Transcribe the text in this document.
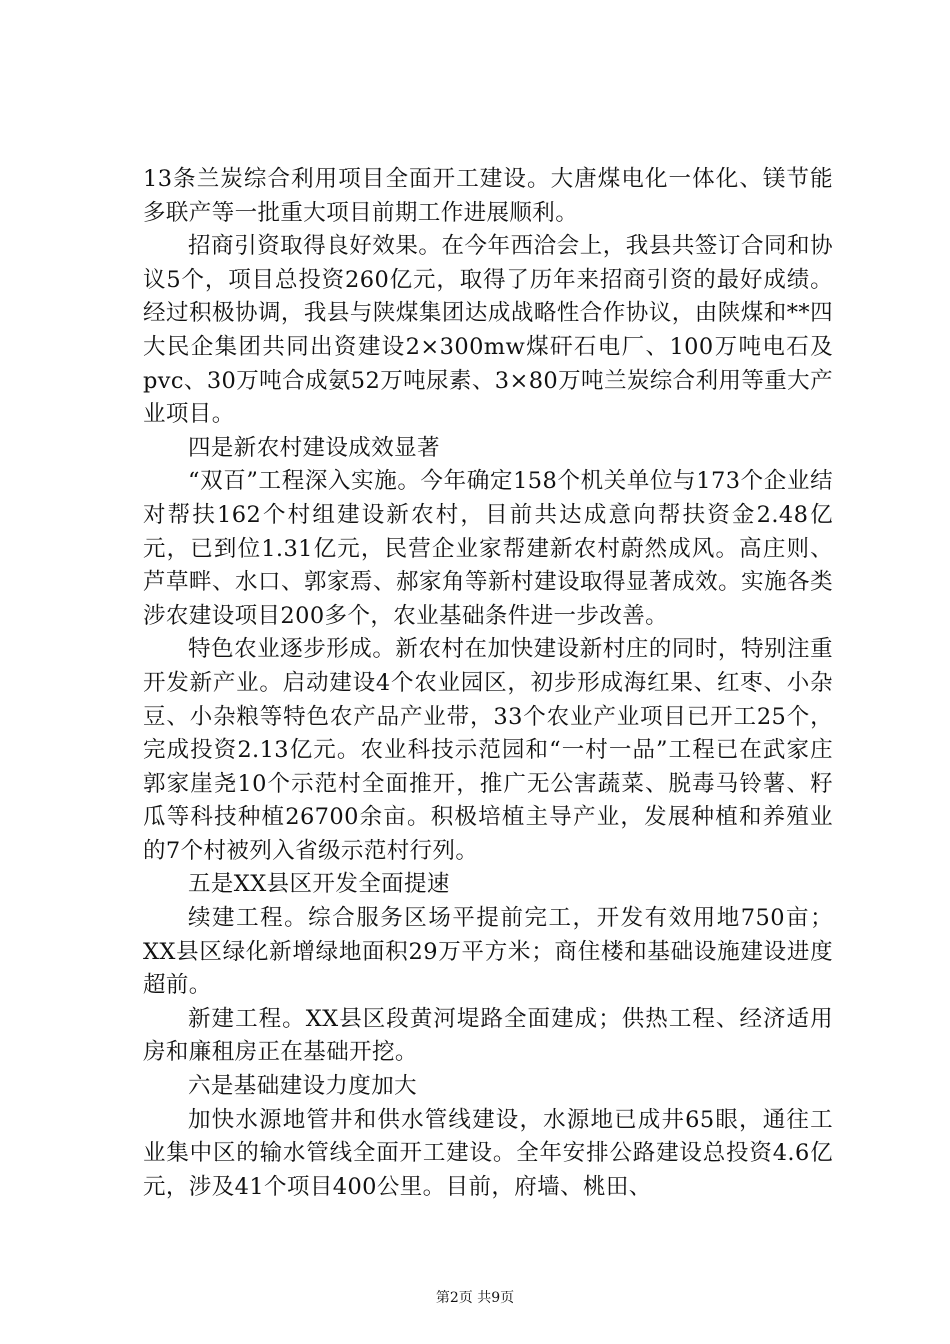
13条兰炭综合利用项目全面开工建设。大唐煤电化一体化、镁节能多联产等一批重大项目前期工作进展顺利。

招商引资取得良好效果。在今年西洽会上，我县共签订合同和协议5个，项目总投资260亿元，取得了历年来招商引资的最好成绩。经过积极协调，我县与陕煤集团达成战略性合作协议，由陕煤和**四大民企集团共同出资建设2×300mw煤矸石电厂、100万吨电石及pvc、30万吨合成氨52万吨尿素、3×80万吨兰炭综合利用等重大产业项目。

四是新农村建设成效显著

“双百”工程深入实施。今年确定158个机关单位与173个企业结对帮扶162个村组建设新农村，目前共达成意向帮扶资金2.48亿元，已到位1.31亿元，民营企业家帮建新农村蔚然成风。高庄则、芦草畔、水口、郭家焉、郝家角等新村建设取得显著成效。实施各类涉农建设项目200多个，农业基础条件进一步改善。

特色农业逐步形成。新农村在加快建设新村庄的同时，特别注重开发新产业。启动建设4个农业园区，初步形成海红果、红枣、小杂豆、小杂粮等特色农产品产业带，33个农业产业项目已开工25个，完成投资2.13亿元。农业科技示范园和“一村一品”工程已在武家庄郭家崖尧10个示范村全面推开，推广无公害蔬菜、脱毒马铃薯、籽瓜等科技种植26700余亩。积极培植主导产业，发展种植和养殖业的7个村被列入省级示范村行列。

五是XX县区开发全面提速

续建工程。综合服务区场平提前完工，开发有效用地750亩；XX县区绿化新增绿地面积29万平方米；商住楼和基础设施建设进度超前。

新建工程。XX县区段黄河堤路全面建成；供热工程、经济适用房和廉租房正在基础开挖。

六是基础建设力度加大

加快水源地管井和供水管线建设，水源地已成井65眼，通往工业集中区的输水管线全面开工建设。全年安排公路建设总投资4.6亿元，涉及41个项目400公里。目前，府墙、桃田、

第2页 共9页
